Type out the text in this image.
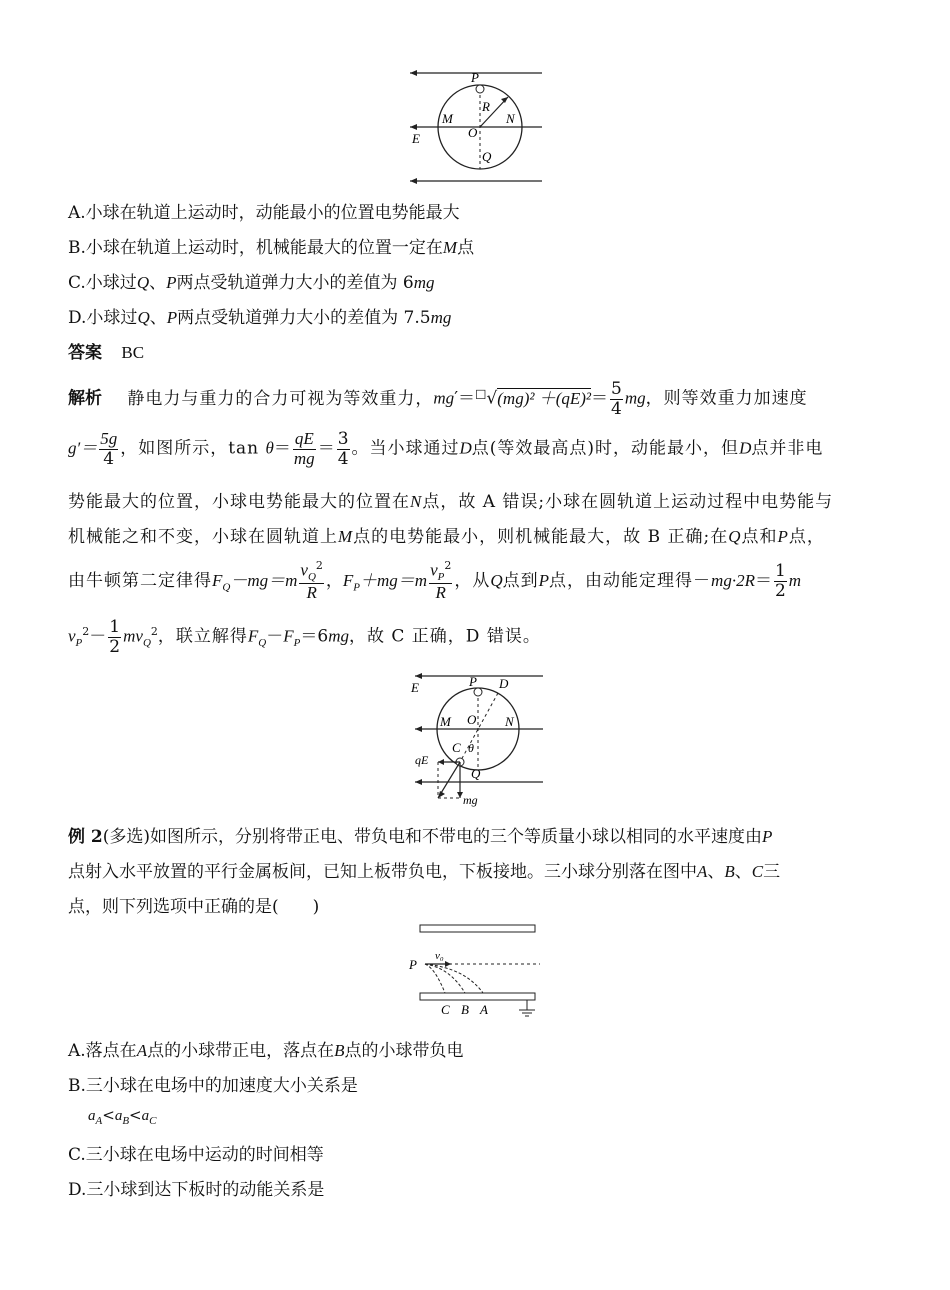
P
R
M
O
N
E
Q
A.小球在轨道上运动时，动能最小的位置电势能最大
B.小球在轨道上运动时，机械能最大的位置一定在M点
C.小球过Q、P两点受轨道弹力大小的差值为 6mg
D.小球过Q、P两点受轨道弹力大小的差值为 7.5mg
答案 BC
解析 静电力与重力的合力可视为等效重力，$mg'=^□√(mg)^2 +(qE)^2= \frac{5}{4}$ mg，则等效重力加速度
$g'= \frac{5g}{4}$ ，如图所示，$\tan \theta= \frac{qE}{mg} = \frac{3}{4}$ 。当小球通过D点(等效最高点)时，动能最小，但D点并非电
势能最大的位置，小球电势能最大的位置在N点，故 A 错误;小球在圆轨道上运动过程中电势能与
机械能之和不变，小球在圆轨道上M点的电势能最小，则机械能最大，故 B 正确;在Q点和P点，
由牛顿第二定律得$F_Q-mg=m \frac{v_Q^2}{R}$ ，$F_P+mg=m \frac{v_P^2}{R}$ ，从Q点到P点，由动能定理得$-mg\cdot 2R= \frac{1}{2}$ m
$v_P^2- \frac{1}{2} mv_Q^2$，联立解得$F_Q-F_P=6mg$，故 C 正确，D 错误。
E	P D
M O N
C θ
qE
Q
mg
例 2(多选)如图所示，分别将带正电、带负电和不带电的三个等质量小球以相同的水平速度由P
点射入水平放置的平行金属板间，已知上板带负电，下板接地。三小球分别落在图中A、B、C三
点，则下列选项中正确的是(　　)
v₀
P
C B A
A.落点在A点的小球带正电，落点在B点的小球带负电
B.三小球在电场中的加速度大小关系是
$a_A<a_B<a_C$
C.三小球在电场中运动的时间相等
D.三小球到达下板时的动能关系是
